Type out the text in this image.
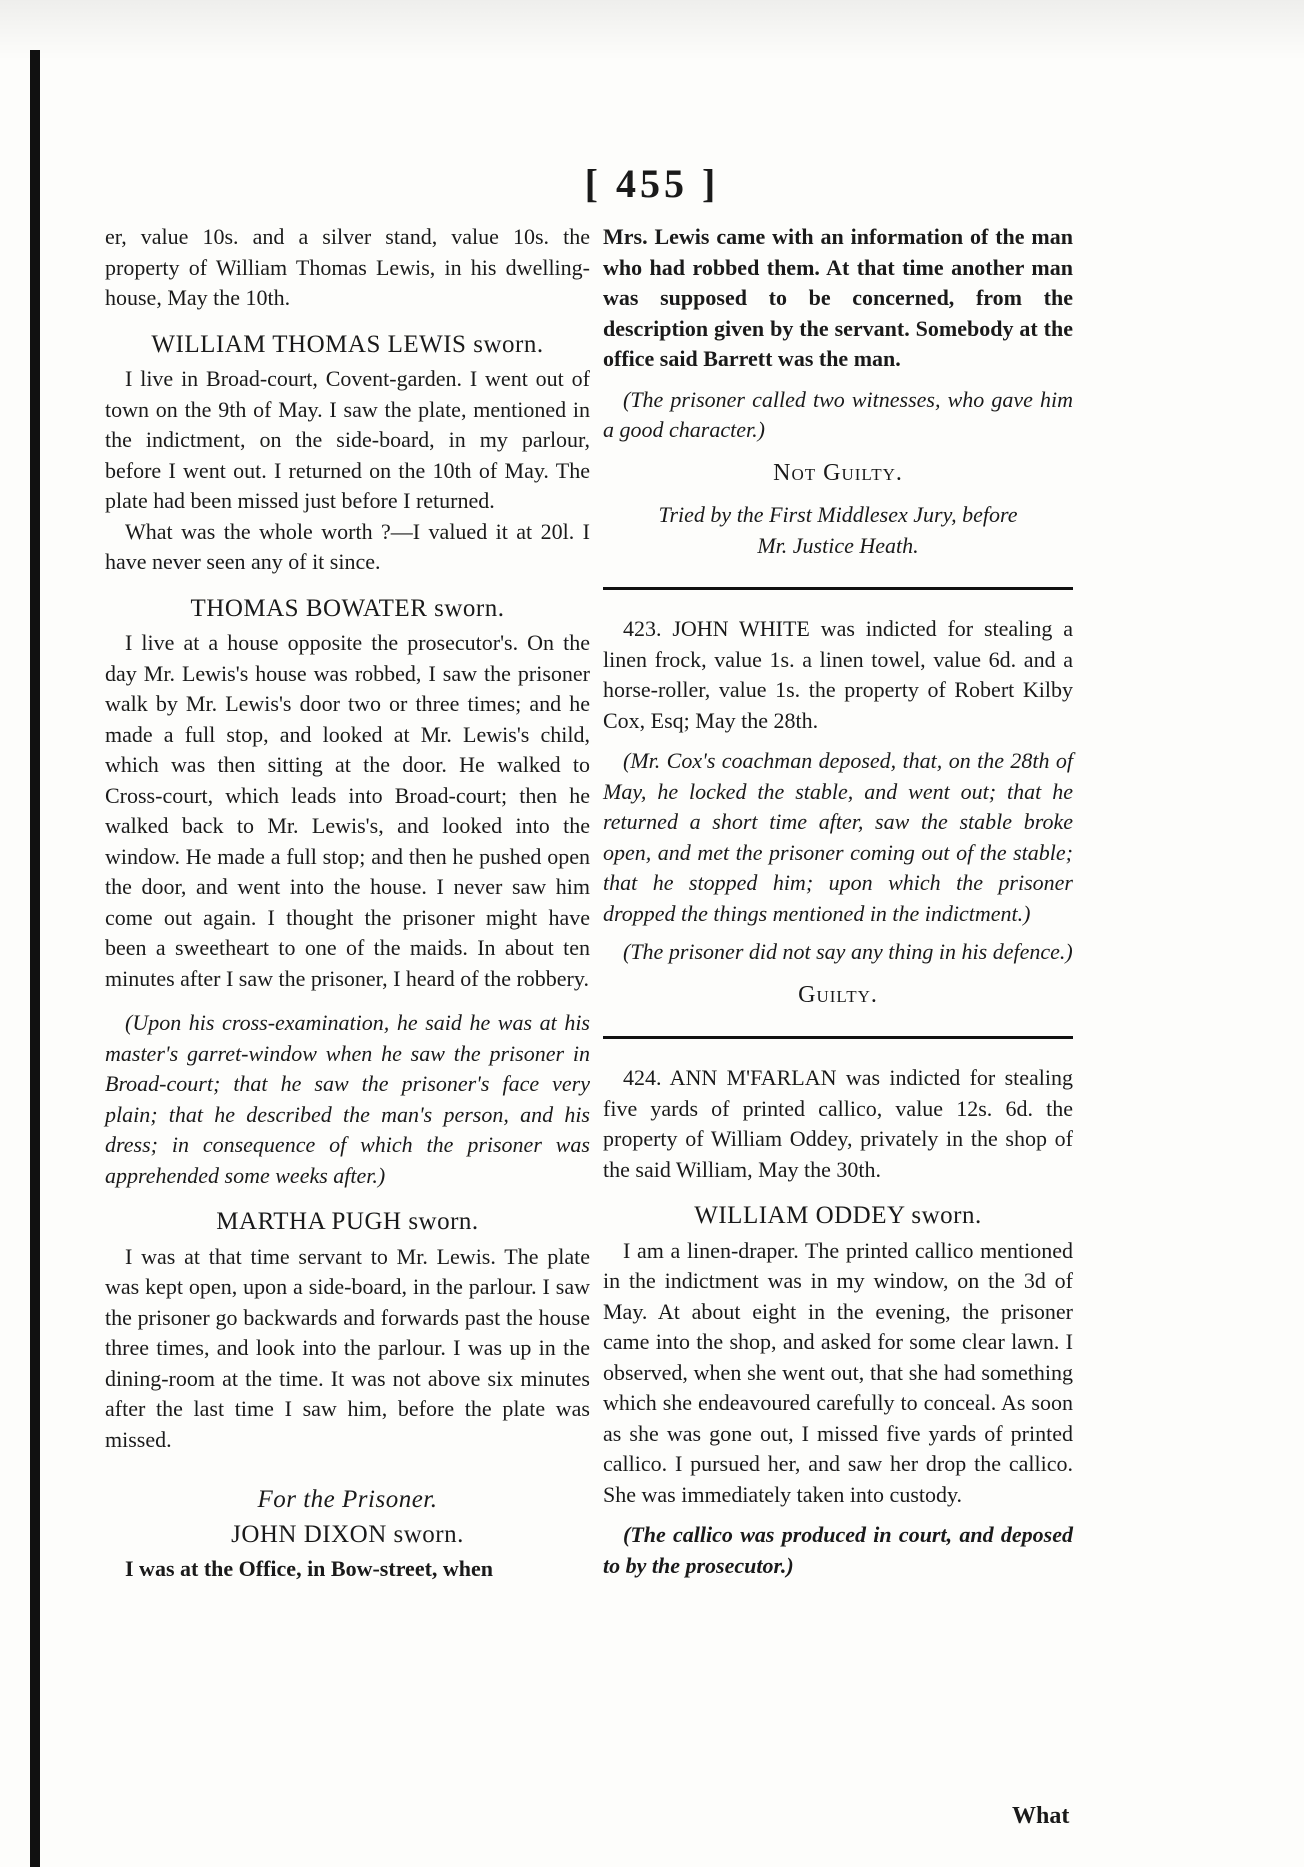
[ 455 ]

er, value 10s. and a silver stand, value 10s. the property of William Thomas Lewis, in his dwelling-house, May the 10th.

WILLIAM THOMAS LEWIS sworn.

I live in Broad-court, Covent-garden. I went out of town on the 9th of May. I saw the plate, mentioned in the indictment, on the side-board, in my parlour, before I went out. I returned on the 10th of May. The plate had been missed just before I returned.

What was the whole worth ?—I valued it at 20l. I have never seen any of it since.

THOMAS BOWATER sworn.

I live at a house opposite the prosecutor's. On the day Mr. Lewis's house was robbed, I saw the prisoner walk by Mr. Lewis's door two or three times; and he made a full stop, and looked at Mr. Lewis's child, which was then sitting at the door. He walked to Cross-court, which leads into Broad-court; then he walked back to Mr. Lewis's, and looked into the window. He made a full stop; and then he pushed open the door, and went into the house. I never saw him come out again. I thought the prisoner might have been a sweetheart to one of the maids. In about ten minutes after I saw the prisoner, I heard of the robbery.

(Upon his cross-examination, he said he was at his master's garret-window when he saw the prisoner in Broad-court; that he saw the prisoner's face very plain; that he described the man's person, and his dress; in consequence of which the prisoner was apprehended some weeks after.)

MARTHA PUGH sworn.

I was at that time servant to Mr. Lewis. The plate was kept open, upon a side-board, in the parlour. I saw the prisoner go backwards and forwards past the house three times, and look into the parlour. I was up in the dining-room at the time. It was not above six minutes after the last time I saw him, before the plate was missed.

For the Prisoner.
JOHN DIXON sworn.

I was at the Office, in Bow-street, when

Mrs. Lewis came with an information of the man who had robbed them. At that time another man was supposed to be concerned, from the description given by the servant. Somebody at the office said Barrett was the man.

(The prisoner called two witnesses, who gave him a good character.)

Not Guilty.
Tried by the First Middlesex Jury, before
Mr. Justice Heath.

423. JOHN WHITE was indicted for stealing a linen frock, value 1s. a linen towel, value 6d. and a horse-roller, value 1s. the property of Robert Kilby Cox, Esq; May the 28th.

(Mr. Cox's coachman deposed, that, on the 28th of May, he locked the stable, and went out; that he returned a short time after, saw the stable broke open, and met the prisoner coming out of the stable; that he stopped him; upon which the prisoner dropped the things mentioned in the indictment.)

(The prisoner did not say any thing in his defence.)

Guilty.

424. ANN M'FARLAN was indicted for stealing five yards of printed callico, value 12s. 6d. the property of William Oddey, privately in the shop of the said William, May the 30th.

WILLIAM ODDEY sworn.

I am a linen-draper. The printed callico mentioned in the indictment was in my window, on the 3d of May. At about eight in the evening, the prisoner came into the shop, and asked for some clear lawn. I observed, when she went out, that she had something which she endeavoured carefully to conceal. As soon as she was gone out, I missed five yards of printed callico. I pursued her, and saw her drop the callico. She was immediately taken into custody.

(The callico was produced in court, and deposed to by the prosecutor.)

What
